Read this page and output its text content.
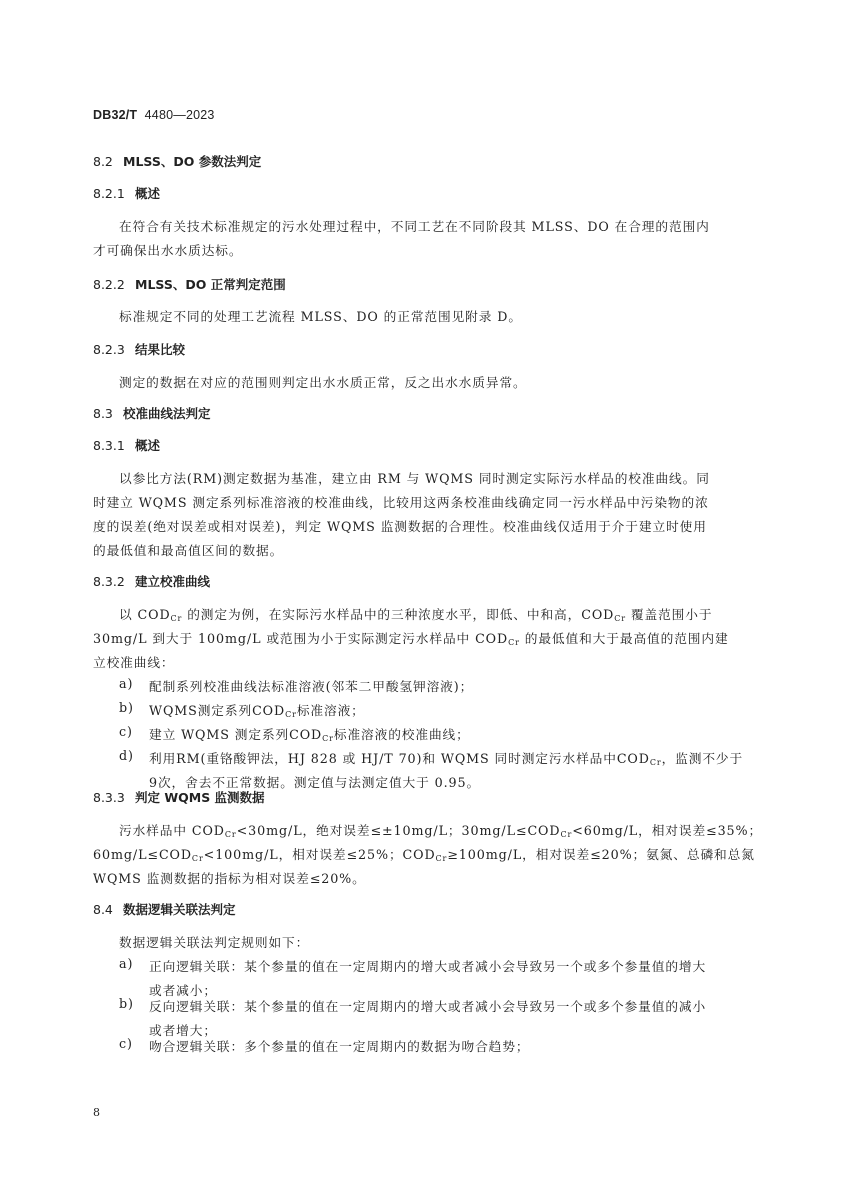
DB32/T 4480—2023
8.2 MLSS、DO 参数法判定
8.2.1 概述
在符合有关技术标准规定的污水处理过程中，不同工艺在不同阶段其 MLSS、DO 在合理的范围内
才可确保出水水质达标。
8.2.2 MLSS、DO 正常判定范围
标准规定不同的处理工艺流程 MLSS、DO 的正常范围见附录 D。
8.2.3 结果比较
测定的数据在对应的范围则判定出水水质正常，反之出水水质异常。
8.3 校准曲线法判定
8.3.1 概述
以参比方法(RM)测定数据为基准，建立由 RM 与 WQMS 同时测定实际污水样品的校准曲线。同
时建立 WQMS 测定系列标准溶液的校准曲线，比较用这两条校准曲线确定同一污水样品中污染物的浓
度的误差(绝对误差或相对误差)，判定 WQMS 监测数据的合理性。校准曲线仅适用于介于建立时使用
的最低值和最高值区间的数据。
8.3.2 建立校准曲线
以 $COD_{Cr}$ 的测定为例，在实际污水样品中的三种浓度水平，即低、中和高，$COD_{Cr}$ 覆盖范围小于
30mg/L 到大于 100mg/L 或范围为小于实际测定污水样品中 $COD_{Cr}$ 的最低值和大于最高值的范围内建
立校准曲线：
a) 配制系列校准曲线法标准溶液(邻苯二甲酸氢钾溶液)；
b) WQMS测定系列$COD_{Cr}$标准溶液；
c) 建立 WQMS 测定系列$COD_{Cr}$标准溶液的校准曲线；
d) 利用RM(重铬酸钾法，HJ 828 或 HJ/T 70)和 WQMS 同时测定污水样品中$COD_{Cr}$，监测不少于
9次，舍去不正常数据。测定值与法测定值大于 0.95。
8.3.3 判定 WQMS 监测数据
污水样品中 $COD_{Cr}<30mg/L$，绝对误差≤±10mg/L；$30mg/L\le COD_{Cr}<60mg/L$，相对误差≤35%；
$60mg/L\le COD_{Cr}<100mg/L$，相对误差≤25%；$COD_{Cr}\ge 100mg/L$，相对误差≤20%；氨氮、总磷和总氮
WQMS 监测数据的指标为相对误差≤20%。
8.4 数据逻辑关联法判定
数据逻辑关联法判定规则如下：
a) 正向逻辑关联：某个参量的值在一定周期内的增大或者减小会导致另一个或多个参量值的增大
或者减小；
b) 反向逻辑关联：某个参量的值在一定周期内的增大或者减小会导致另一个或多个参量值的减小
或者增大；
c) 吻合逻辑关联：多个参量的值在一定周期内的数据为吻合趋势；
8
